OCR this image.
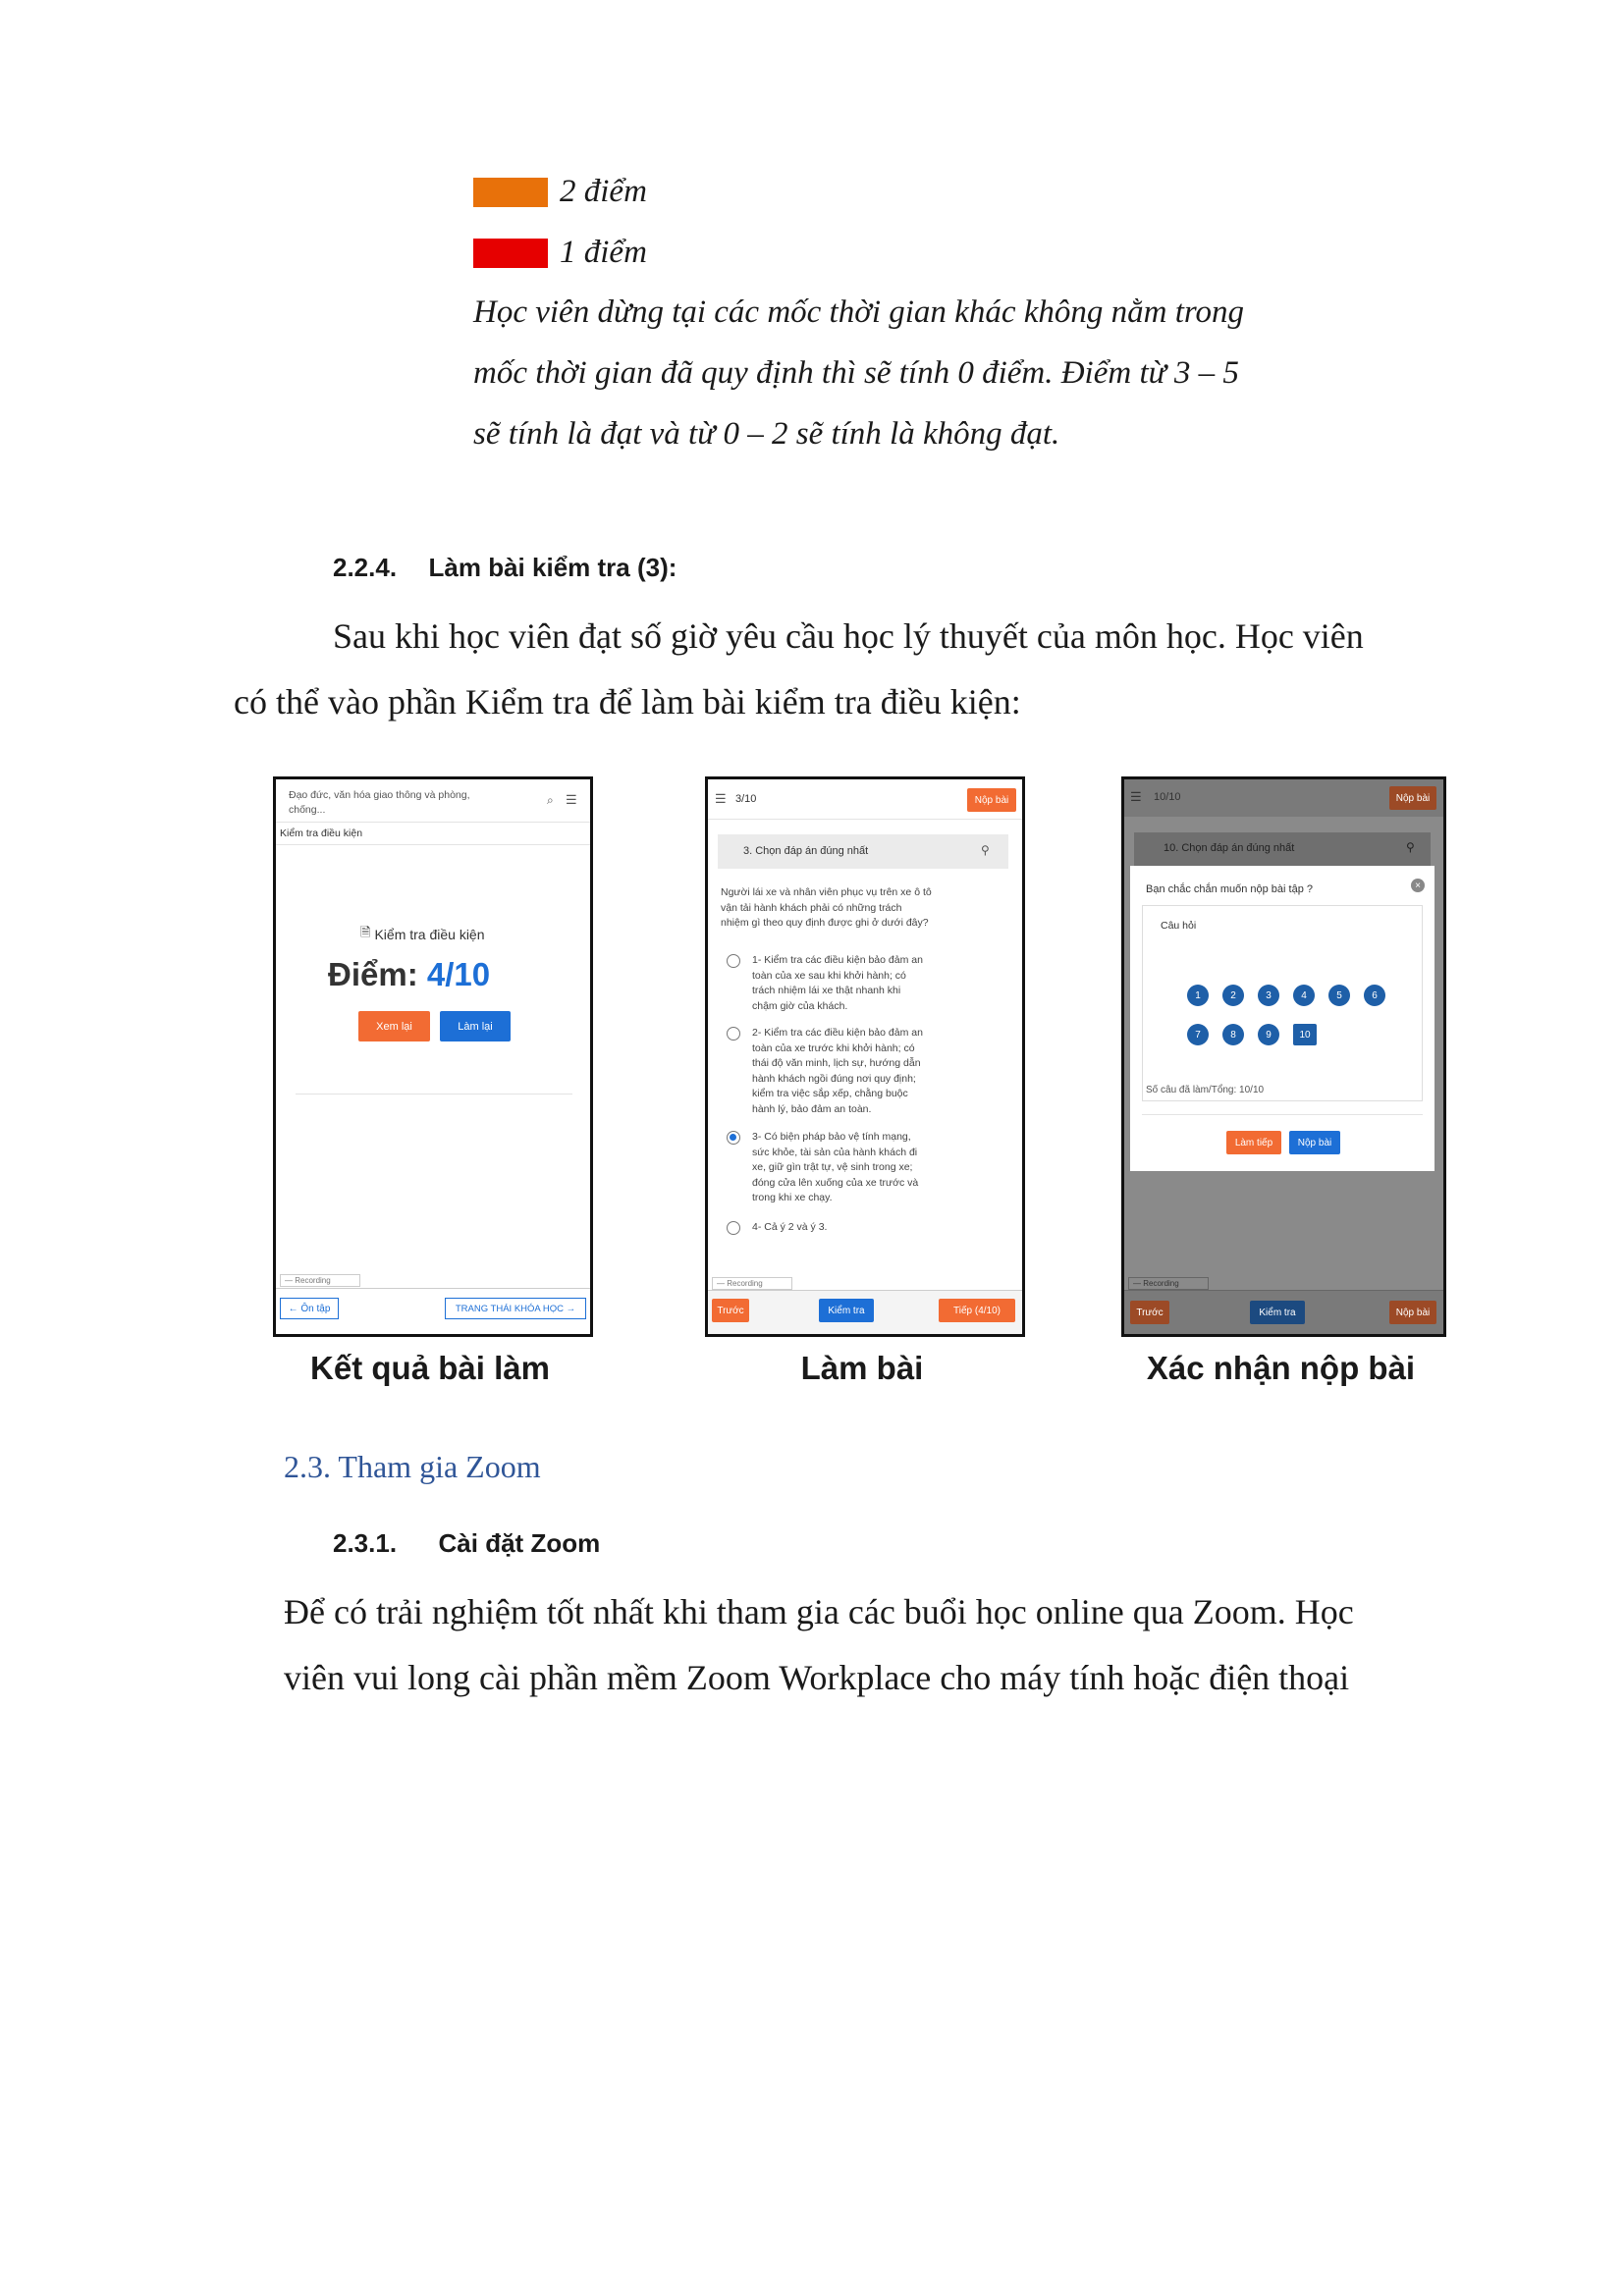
2 điểm
1 điểm
Học viên dừng tại các mốc thời gian khác không nằm trong
mốc thời gian đã quy định thì sẽ tính 0 điểm. Điểm từ 3 – 5
sẽ tính là đạt và từ 0 – 2 sẽ tính là không đạt.
2.2.4. Làm bài kiểm tra (3):
Sau khi học viên đạt số giờ yêu cầu học lý thuyết của môn học. Học viên
có thể vào phần Kiểm tra để làm bài kiểm tra điều kiện:
Đạo đức, văn hóa giao thông và phòng,
chống...
⌕ ☰
Kiểm tra điều kiện
🗎 Kiểm tra điều kiện
Điểm: 4/10
Xem lại	Làm lại
— Recording
← Ôn tập	TRANG THÁI KHÓA HỌC →
☰ 3/10	Nộp bài
3. Chọn đáp án đúng nhất	⚲
Người lái xe và nhân viên phục vụ trên xe ô tô
vận tải hành khách phải có những trách
nhiệm gì theo quy định được ghi ở dưới đây?
1- Kiểm tra các điều kiện bảo đảm an
toàn của xe sau khi khởi hành; có
trách nhiệm lái xe thật nhanh khi
chậm giờ của khách.
2- Kiểm tra các điều kiện bảo đảm an
toàn của xe trước khi khởi hành; có
thái độ văn minh, lịch sự, hướng dẫn
hành khách ngồi đúng nơi quy định;
kiểm tra việc sắp xếp, chằng buộc
hành lý, bảo đảm an toàn.
3- Có biện pháp bảo vệ tính mạng,
sức khỏe, tài sản của hành khách đi
xe, giữ gìn trật tự, vệ sinh trong xe;
đóng cửa lên xuống của xe trước và
trong khi xe chạy.
4- Cả ý 2 và ý 3.
— Recording
Trước	Kiểm tra	Tiếp (4/10)
☰ 10/10	Nộp bài
10. Chọn đáp án đúng nhất	⚲
Bạn chắc chắn muốn nộp bài tập ?	×
Câu hỏi
1	2	3	4	5	6
7	8	9	10
Số câu đã làm/Tổng: 10/10
Làm tiếp	Nộp bài
— Recording
Trước	Kiểm tra	Nộp bài
Kết quả bài làm	Làm bài	Xác nhận nộp bài
2.3. Tham gia Zoom
2.3.1. Cài đặt Zoom
Để có trải nghiệm tốt nhất khi tham gia các buổi học online qua Zoom. Học
viên vui long cài phần mềm Zoom Workplace cho máy tính hoặc điện thoại
